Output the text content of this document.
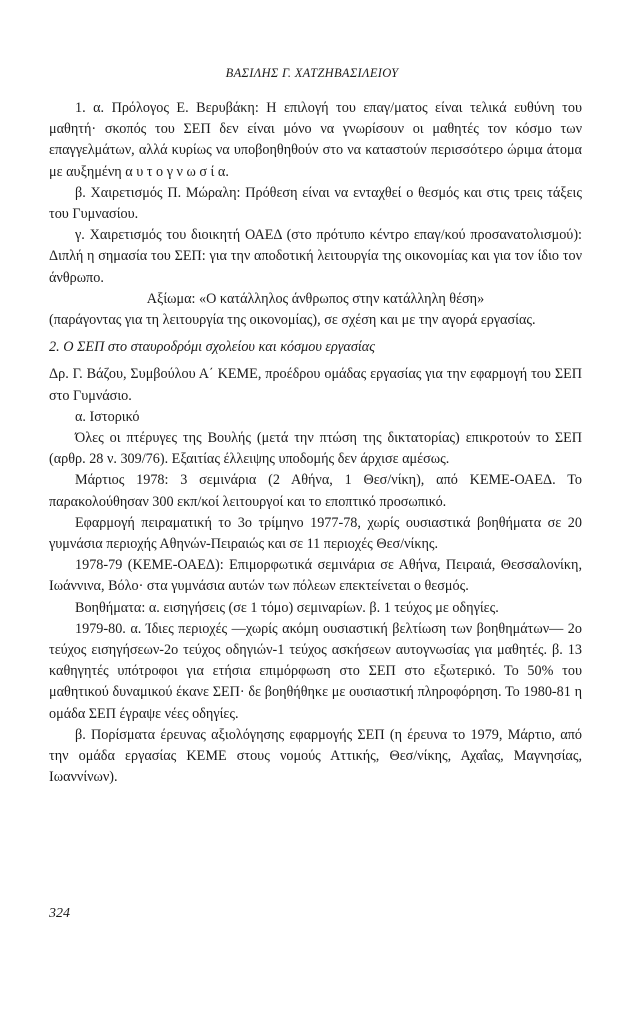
ΒΑΣΙΛΗΣ Γ. ΧΑΤΖΗΒΑΣΙΛΕΙΟΥ

1. α. Πρόλογος Ε. Βερυβάκη: Η επιλογή του επαγ/ματος είναι τελικά ευθύνη του μαθητή· σκοπός του ΣΕΠ δεν είναι μόνο να γνωρίσουν οι μαθητές τον κόσμο των επαγγελμάτων, αλλά κυρίως να υποβοηθηθούν στο να καταστούν περισσότερο ώριμα άτομα με αυξημένη α υ τ ο γ ν ω σ ί α.

β. Χαιρετισμός Π. Μώραλη: Πρόθεση είναι να ενταχθεί ο θεσμός και στις τρεις τάξεις του Γυμνασίου.

γ. Χαιρετισμός του διοικητή ΟΑΕΔ (στο πρότυπο κέντρο επαγ/κού προσανατολισμού): Διπλή η σημασία του ΣΕΠ: για την αποδοτική λειτουργία της οικονομίας και για τον ίδιο τον άνθρωπο.

Αξίωμα: «Ο κατάλληλος άνθρωπος στην κατάλληλη θέση»

(παράγοντας για τη λειτουργία της οικονομίας), σε σχέση και με την αγορά εργασίας.

2. Ο ΣΕΠ στο σταυροδρόμι σχολείου και κόσμου εργασίας

Δρ. Γ. Βάζου, Συμβούλου Α΄ ΚΕΜΕ, προέδρου ομάδας εργασίας για την εφαρμογή του ΣΕΠ στο Γυμνάσιο.

α. Ιστορικό

Όλες οι πτέρυγες της Βουλής (μετά την πτώση της δικτατορίας) επικροτούν το ΣΕΠ (αρθρ. 28 ν. 309/76). Εξαιτίας έλλειψης υποδομής δεν άρχισε αμέσως.

Μάρτιος 1978: 3 σεμινάρια (2 Αθήνα, 1 Θεσ/νίκη), από ΚΕΜΕ-ΟΑΕΔ. Το παρακολούθησαν 300 εκπ/κοί λειτουργοί και το εποπτικό προσωπικό.

Εφαρμογή πειραματική το 3ο τρίμηνο 1977-78, χωρίς ουσιαστικά βοηθήματα σε 20 γυμνάσια περιοχής Αθηνών-Πειραιώς και σε 11 περιοχές Θεσ/νίκης.

1978-79 (ΚΕΜΕ-ΟΑΕΔ): Επιμορφωτικά σεμινάρια σε Αθήνα, Πειραιά, Θεσσαλονίκη, Ιωάννινα, Βόλο· στα γυμνάσια αυτών των πόλεων επεκτείνεται ο θεσμός.

Βοηθήματα: α. εισηγήσεις (σε 1 τόμο) σεμιναρίων. β. 1 τεύχος με οδηγίες.

1979-80. α. Ίδιες περιοχές —χωρίς ακόμη ουσιαστική βελτίωση των βοηθημάτων— 2ο τεύχος εισηγήσεων-2ο τεύχος οδηγιών-1 τεύχος ασκήσεων αυτογνωσίας για μαθητές. β. 13 καθηγητές υπότροφοι για ετήσια επιμόρφωση στο ΣΕΠ στο εξωτερικό. Το 50% του μαθητικού δυναμικού έκανε ΣΕΠ· δε βοηθήθηκε με ουσιαστική πληροφόρηση. Το 1980-81 η ομάδα ΣΕΠ έγραψε νέες οδηγίες.

β. Πορίσματα έρευνας αξιολόγησης εφαρμογής ΣΕΠ (η έρευνα το 1979, Μάρτιο, από την ομάδα εργασίας ΚΕΜΕ στους νομούς Αττικής, Θεσ/νίκης, Αχαΐας, Μαγνησίας, Ιωαννίνων).

324
